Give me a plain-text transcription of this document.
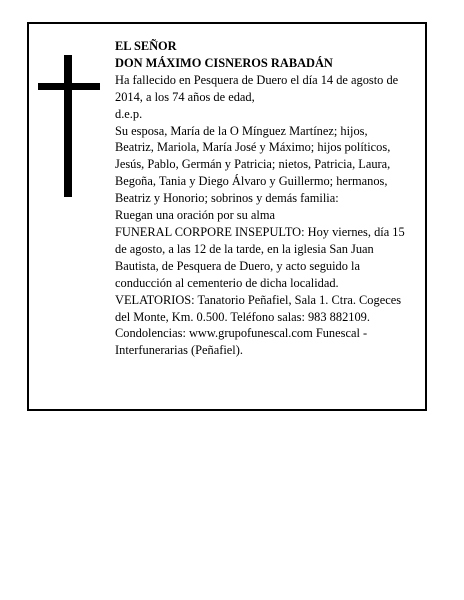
EL SEÑOR

DON MÁXIMO CISNEROS RABADÁN

Ha fallecido en Pesquera de Duero el día 14 de agosto de 2014, a los 74 años de edad,

d.e.p.

Su esposa, María de la O Mínguez Martínez; hijos, Beatriz, Mariola, María José y Máximo; hijos políticos, Jesús, Pablo, Germán y Patricia; nietos, Patricia, Laura, Begoña, Tania y Diego Álvaro y Guillermo; hermanos, Beatriz y Honorio; sobrinos y demás familia:

Ruegan una oración por su alma

FUNERAL CORPORE INSEPULTO: Hoy viernes, día 15 de agosto, a las 12 de la tarde, en la iglesia San Juan Bautista, de Pesquera de Duero, y acto seguido la conducción al cementerio de dicha localidad.

VELATORIOS: Tanatorio Peñafiel, Sala 1. Ctra. Cogeces del Monte, Km. 0.500. Teléfono salas: 983 882109. Condolencias: www.grupofunescal.com Funescal - Interfunerarias (Peñafiel).
